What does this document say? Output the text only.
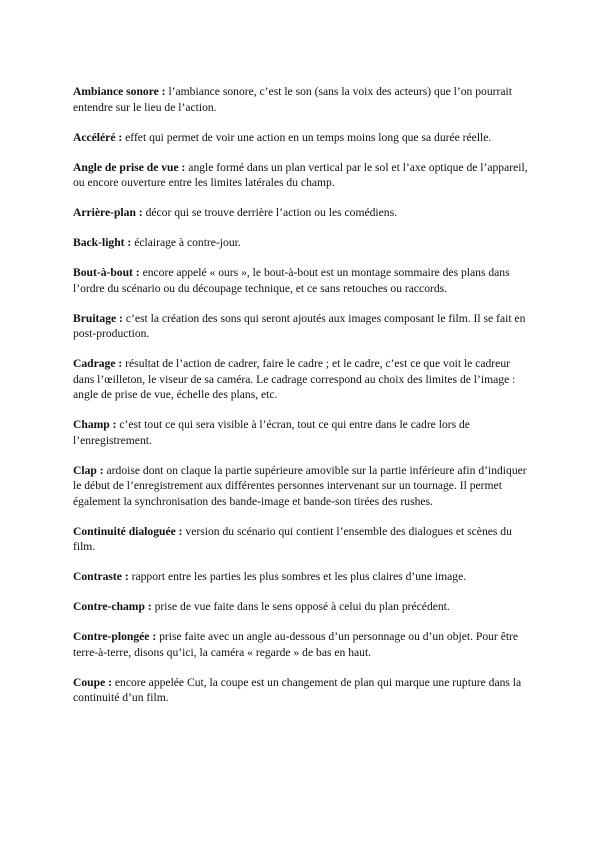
Ambiance sonore : l’ambiance sonore, c’est le son (sans la voix des acteurs) que l’on pourrait entendre sur le lieu de l’action.

Accéléré : effet qui permet de voir une action en un temps moins long que sa durée réelle.

Angle de prise de vue : angle formé dans un plan vertical par le sol et l’axe optique de l’appareil, ou encore ouverture entre les limites latérales du champ.

Arrière-plan : décor qui se trouve derrière l’action ou les comédiens.

Back-light : éclairage à contre-jour.

Bout-à-bout : encore appelé « ours », le bout-à-bout est un montage sommaire des plans dans l’ordre du scénario ou du découpage technique, et ce sans retouches ou raccords.

Bruitage : c’est la création des sons qui seront ajoutés aux images composant le film. Il se fait en post-production.

Cadrage : résultat de l’action de cadrer, faire le cadre ; et le cadre, c’est ce que voit le cadreur dans l’œilleton, le viseur de sa caméra. Le cadrage correspond au choix des limites de l’image : angle de prise de vue, échelle des plans, etc.

Champ : c’est tout ce qui sera visible à l’écran, tout ce qui entre dans le cadre lors de l’enregistrement.

Clap : ardoise dont on claque la partie supérieure amovible sur la partie inférieure afin d’indiquer le début de l’enregistrement aux différentes personnes intervenant sur un tournage. Il permet également la synchronisation des bande-image et bande-son tirées des rushes.

Continuité dialoguée : version du scénario qui contient l’ensemble des dialogues et scènes du film.

Contraste : rapport entre les parties les plus sombres et les plus claires d’une image.

Contre-champ : prise de vue faite dans le sens opposé à celui du plan précédent.

Contre-plongée : prise faite avec un angle au-dessous d’un personnage ou d’un objet. Pour être terre-à-terre, disons qu’ici, la caméra « regarde » de bas en haut.

Coupe : encore appelée Cut, la coupe est un changement de plan qui marque une rupture dans la continuité d’un film.
